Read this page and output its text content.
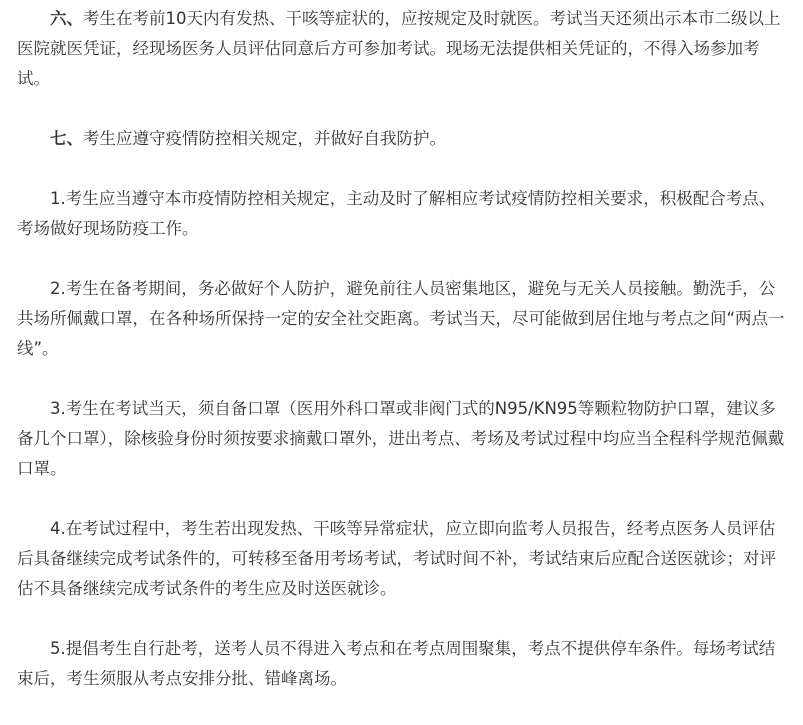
六、考生在考前10天内有发热、干咳等症状的，应按规定及时就医。考试当天还须出示本市二级以上医院就医凭证，经现场医务人员评估同意后方可参加考试。现场无法提供相关凭证的，不得入场参加考试。

七、考生应遵守疫情防控相关规定，并做好自我防护。

1.考生应当遵守本市疫情防控相关规定，主动及时了解相应考试疫情防控相关要求，积极配合考点、考场做好现场防疫工作。

2.考生在备考期间，务必做好个人防护，避免前往人员密集地区，避免与无关人员接触。勤洗手，公共场所佩戴口罩，在各种场所保持一定的安全社交距离。考试当天，尽可能做到居住地与考点之间“两点一线”。

3.考生在考试当天，须自备口罩（医用外科口罩或非阀门式的N95/KN95等颗粒物防护口罩，建议多备几个口罩），除核验身份时须按要求摘戴口罩外，进出考点、考场及考试过程中均应当全程科学规范佩戴口罩。

4.在考试过程中，考生若出现发热、干咳等异常症状，应立即向监考人员报告，经考点医务人员评估后具备继续完成考试条件的，可转移至备用考场考试，考试时间不补，考试结束后应配合送医就诊；对评估不具备继续完成考试条件的考生应及时送医就诊。

5.提倡考生自行赴考，送考人员不得进入考点和在考点周围聚集，考点不提供停车条件。每场考试结束后，考生须服从考点安排分批、错峰离场。
